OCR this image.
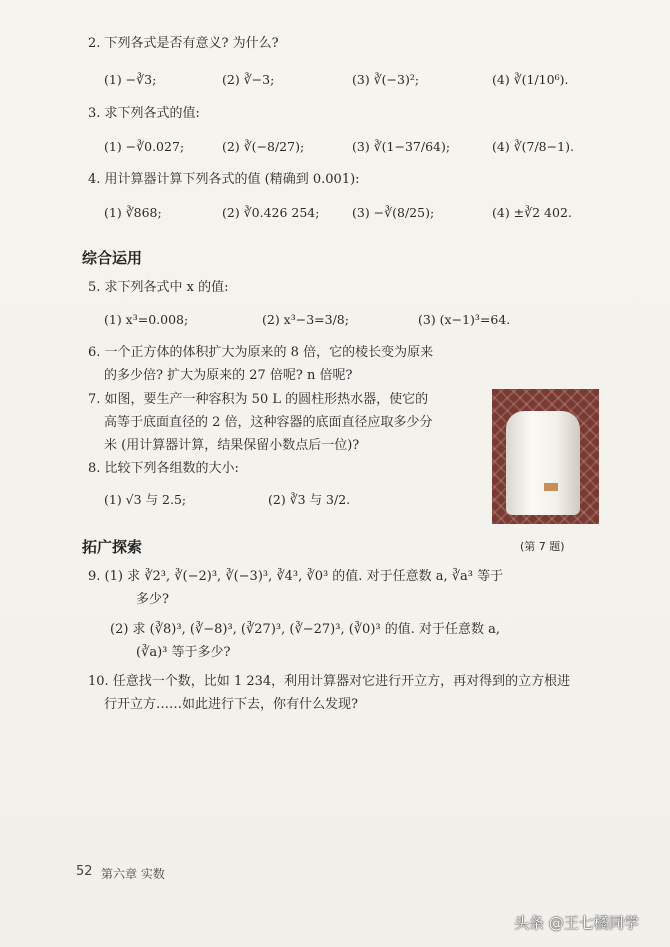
2. 下列各式是否有意义? 为什么?
(1) −∛3;	(2) ∛−3;	(3) ∛(−3)²;	(4) ∛(1/10⁶).
3. 求下列各式的值:
(1) −∛0.027;	(2) ∛(−8/27);	(3) ∛(1−37/64);	(4) ∛(7/8−1).
4. 用计算器计算下列各式的值 (精确到 0.001):
(1) ∛868;	(2) ∛0.426 254;	(3) −∛(8/25);	(4) ±∛2 402.
综合运用
5. 求下列各式中 x 的值:
(1) x³=0.008;	(2) x³−3=3/8;	(3) (x−1)³=64.
6. 一个正方体的体积扩大为原来的 8 倍，它的棱长变为原来
的多少倍? 扩大为原来的 27 倍呢? n 倍呢?
7. 如图，要生产一种容积为 50 L 的圆柱形热水器，使它的
高等于底面直径的 2 倍，这种容器的底面直径应取多少分
米 (用计算器计算，结果保留小数点后一位)?
8. 比较下列各组数的大小:
(1) √3 与 2.5;	(2) ∛3 与 3/2.
(第 7 题)
拓广探索
9. (1) 求 ∛2³, ∛(−2)³, ∛(−3)³, ∛4³, ∛0³ 的值. 对于任意数 a, ∛a³ 等于
多少?
(2) 求 (∛8)³, (∛−8)³, (∛27)³, (∛−27)³, (∛0)³ 的值. 对于任意数 a,
(∛a)³ 等于多少?
10. 任意找一个数，比如 1 234，利用计算器对它进行开立方，再对得到的立方根进
行开立方……如此进行下去，你有什么发现?
52 第六章 实数
头条 @王七橘同学
